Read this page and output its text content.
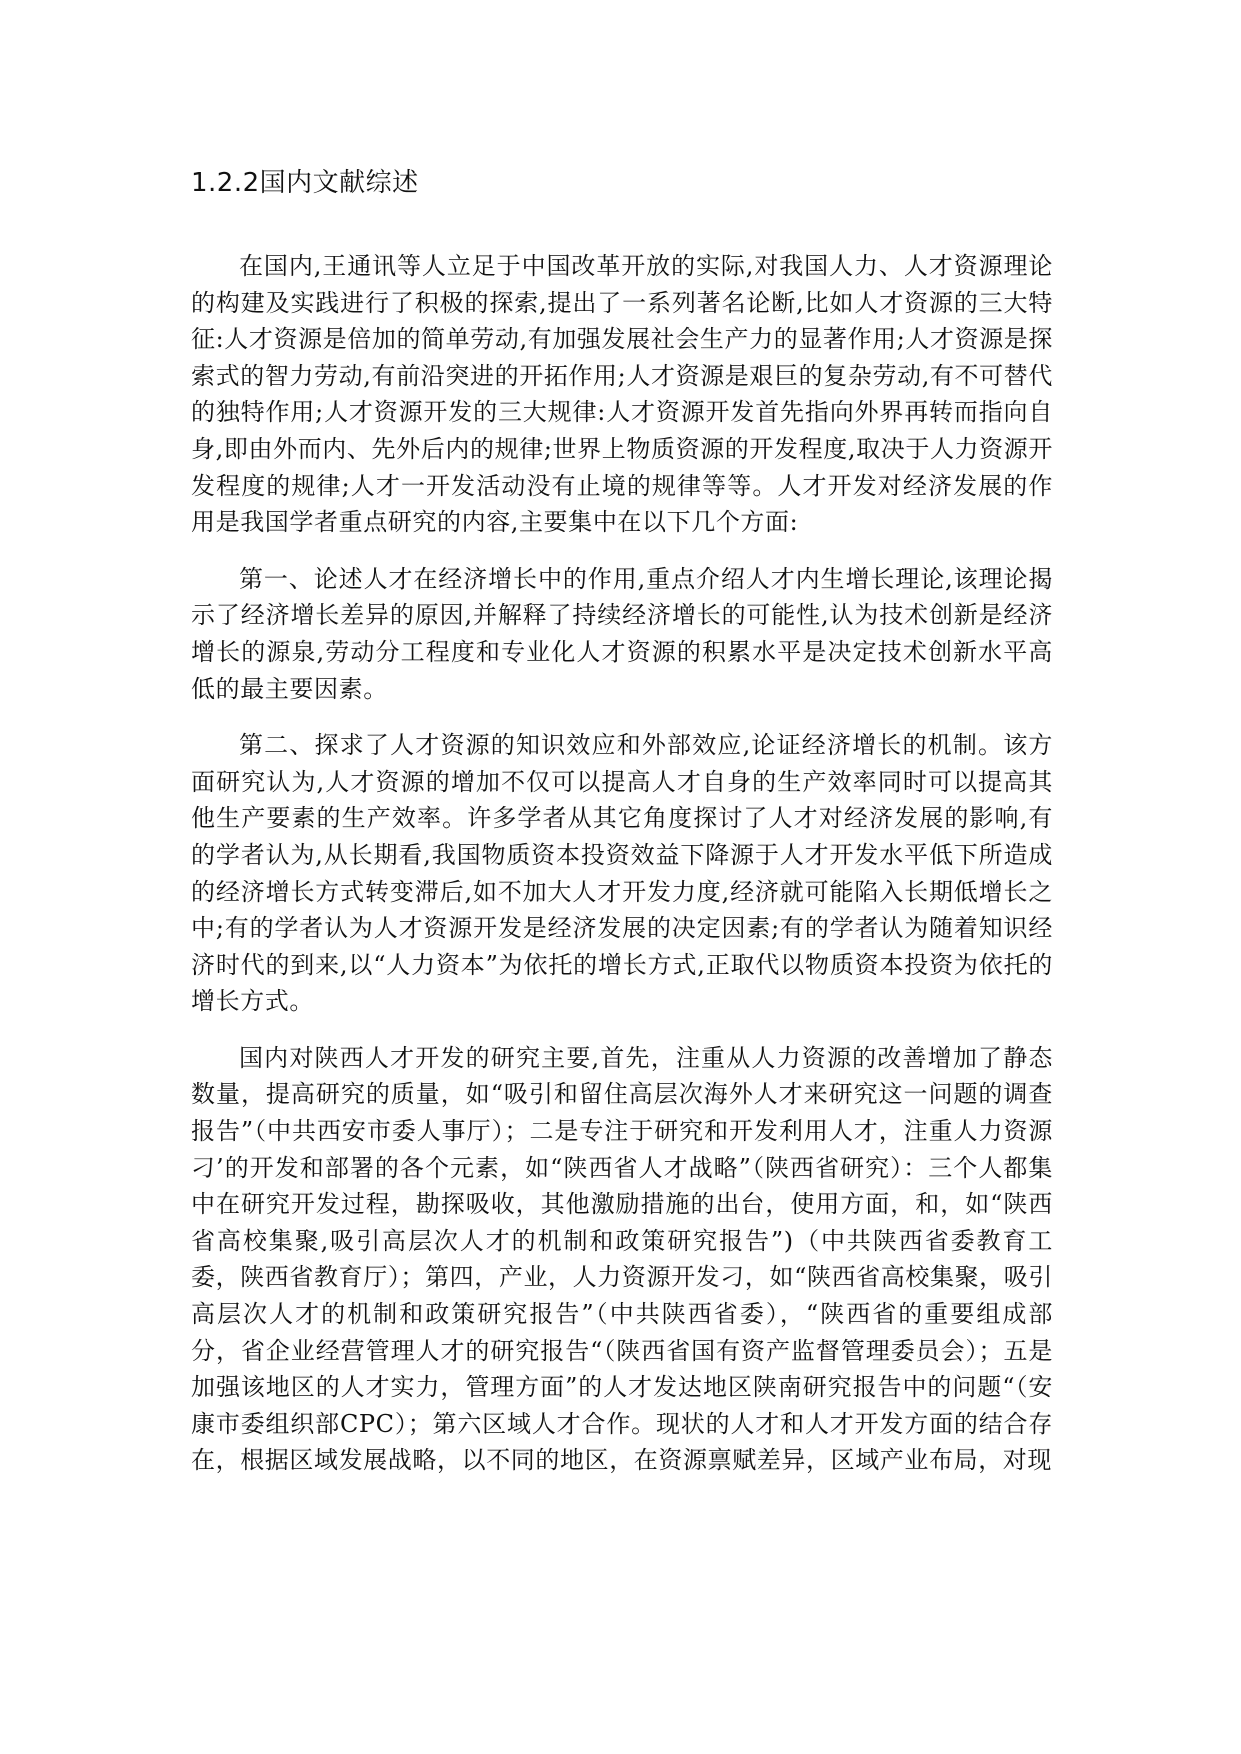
1.2.2国内文献综述

在国内,王通讯等人立足于中国改革开放的实际,对我国人力、人才资源理论的构建及实践进行了积极的探索,提出了一系列著名论断,比如人才资源的三大特征:人才资源是倍加的简单劳动,有加强发展社会生产力的显著作用;人才资源是探索式的智力劳动,有前沿突进的开拓作用;人才资源是艰巨的复杂劳动,有不可替代的独特作用;人才资源开发的三大规律:人才资源开发首先指向外界再转而指向自身,即由外而内、先外后内的规律;世界上物质资源的开发程度,取决于人力资源开发程度的规律;人才一开发活动没有止境的规律等等。人才开发对经济发展的作用是我国学者重点研究的内容,主要集中在以下几个方面:

第一、论述人才在经济增长中的作用,重点介绍人才内生增长理论,该理论揭示了经济增长差异的原因,并解释了持续经济增长的可能性,认为技术创新是经济增长的源泉,劳动分工程度和专业化人才资源的积累水平是决定技术创新水平高低的最主要因素。

第二、探求了人才资源的知识效应和外部效应,论证经济增长的机制。该方面研究认为,人才资源的增加不仅可以提高人才自身的生产效率同时可以提高其他生产要素的生产效率。许多学者从其它角度探讨了人才对经济发展的影响,有的学者认为,从长期看,我国物质资本投资效益下降源于人才开发水平低下所造成的经济增长方式转变滞后,如不加大人才开发力度,经济就可能陷入长期低增长之中;有的学者认为人才资源开发是经济发展的决定因素;有的学者认为随着知识经济时代的到来,以“人力资本”为依托的增长方式,正取代以物质资本投资为依托的增长方式。

国内对陕西人才开发的研究主要,首先，注重从人力资源的改善增加了静态数量，提高研究的质量，如“吸引和留住高层次海外人才来研究这一问题的调查报告”（中共西安市委人事厅）；二是专注于研究和开发利用人才，注重人力资源刁’的开发和部署的各个元素，如“陕西省人才战略”（陕西省研究）：三个人都集中在研究开发过程，勘探吸收，其他激励措施的出台，使用方面，和，如“陕西省高校集聚,吸引高层次人才的机制和政策研究报告”)（中共陕西省委教育工委，陕西省教育厅）；第四，产业，人力资源开发刁，如“陕西省高校集聚，吸引高层次人才的机制和政策研究报告”（中共陕西省委），“陕西省的重要组成部分，省企业经营管理人才的研究报告“（陕西省国有资产监督管理委员会）；五是加强该地区的人才实力，管理方面”的人才发达地区陕南研究报告中的问题“（安康市委组织部CPC）；第六区域人才合作。现状的人才和人才开发方面的结合存在，根据区域发展战略，以不同的地区，在资源禀赋差异，区域产业布局，对现
